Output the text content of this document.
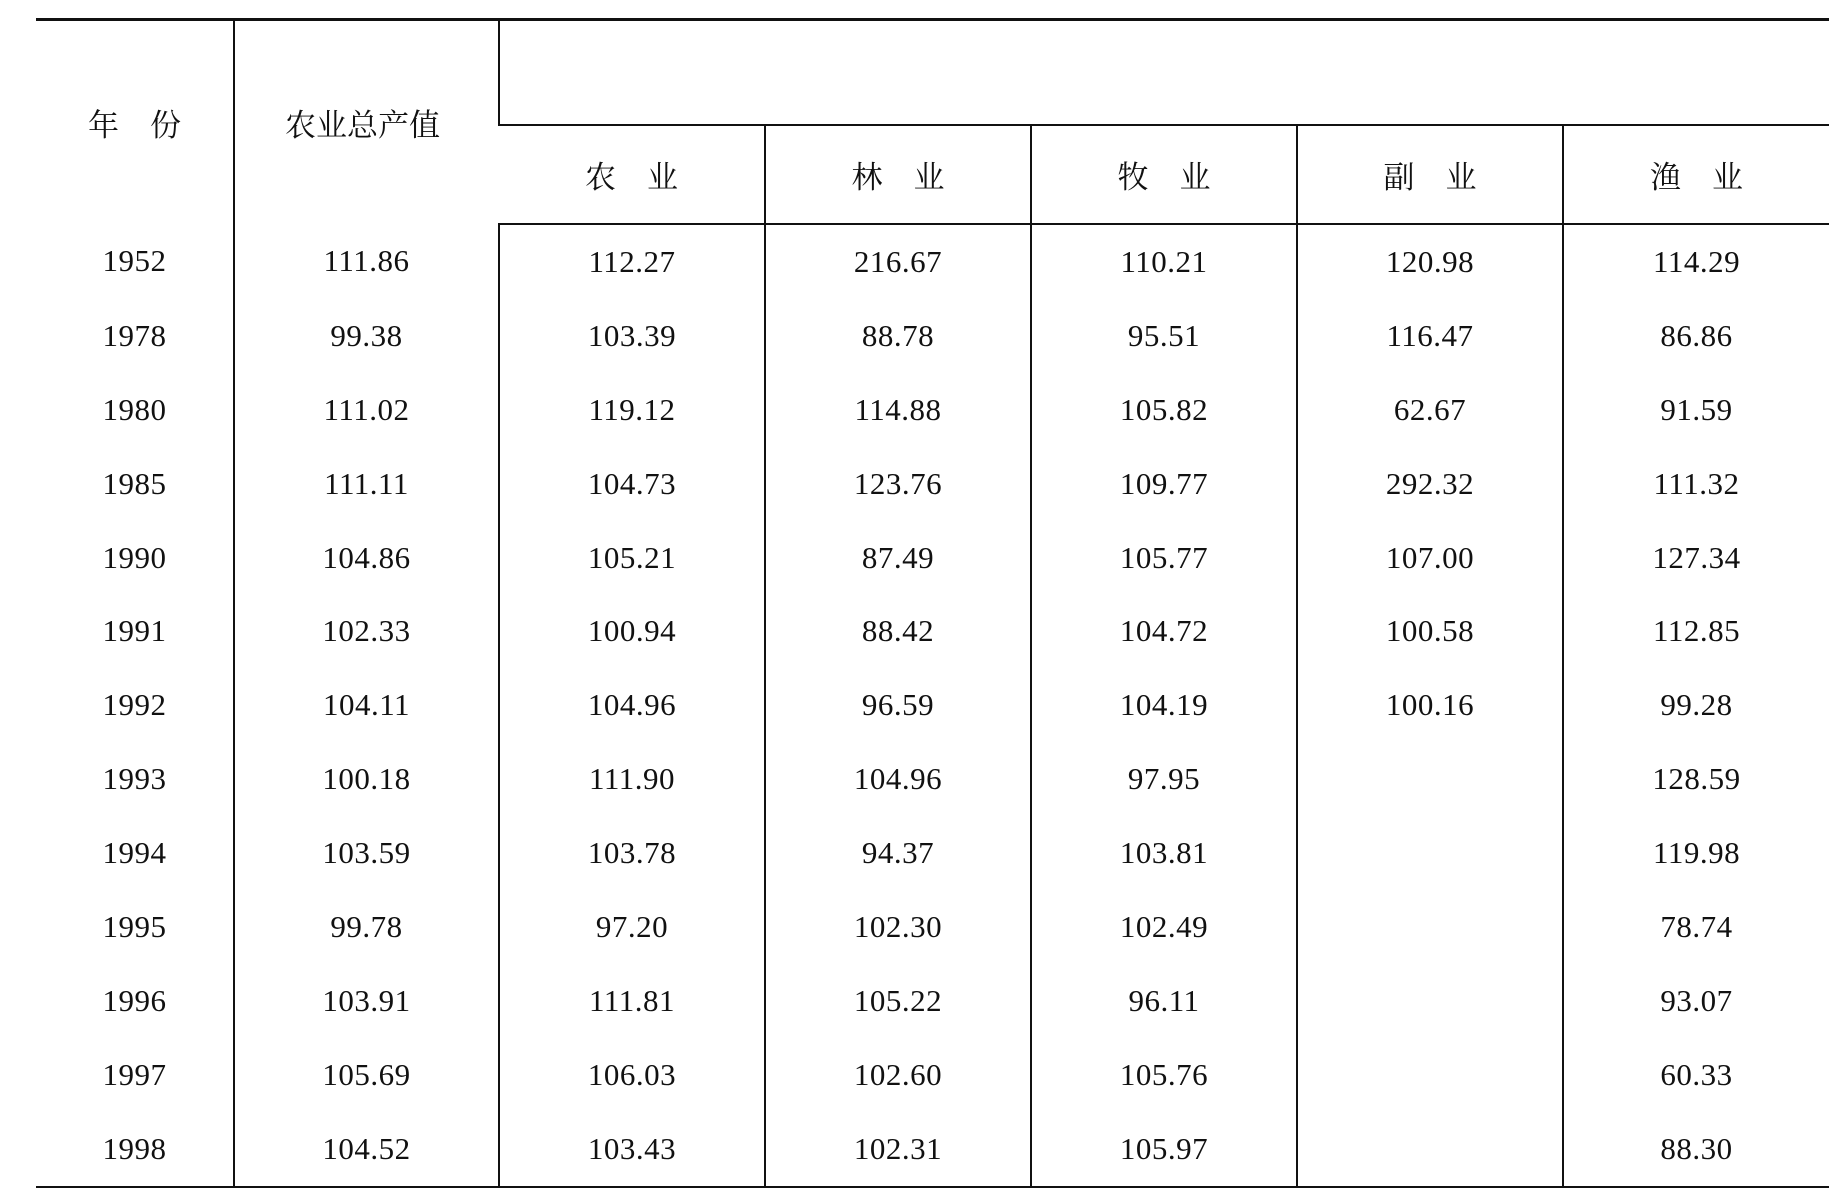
年　份	农业总产值					
		农　业	林　业	牧　业	副　业	渔　业
1952	111.86	112.27	216.67	110.21	120.98	114.29
1978	99.38	103.39	88.78	95.51	116.47	86.86
1980	111.02	119.12	114.88	105.82	62.67	91.59
1985	111.11	104.73	123.76	109.77	292.32	111.32
1990	104.86	105.21	87.49	105.77	107.00	127.34
1991	102.33	100.94	88.42	104.72	100.58	112.85
1992	104.11	104.96	96.59	104.19	100.16	99.28
1993	100.18	111.90	104.96	97.95		128.59
1994	103.59	103.78	94.37	103.81		119.98
1995	99.78	97.20	102.30	102.49		78.74
1996	103.91	111.81	105.22	96.11		93.07
1997	105.69	106.03	102.60	105.76		60.33
1998	104.52	103.43	102.31	105.97		88.30
